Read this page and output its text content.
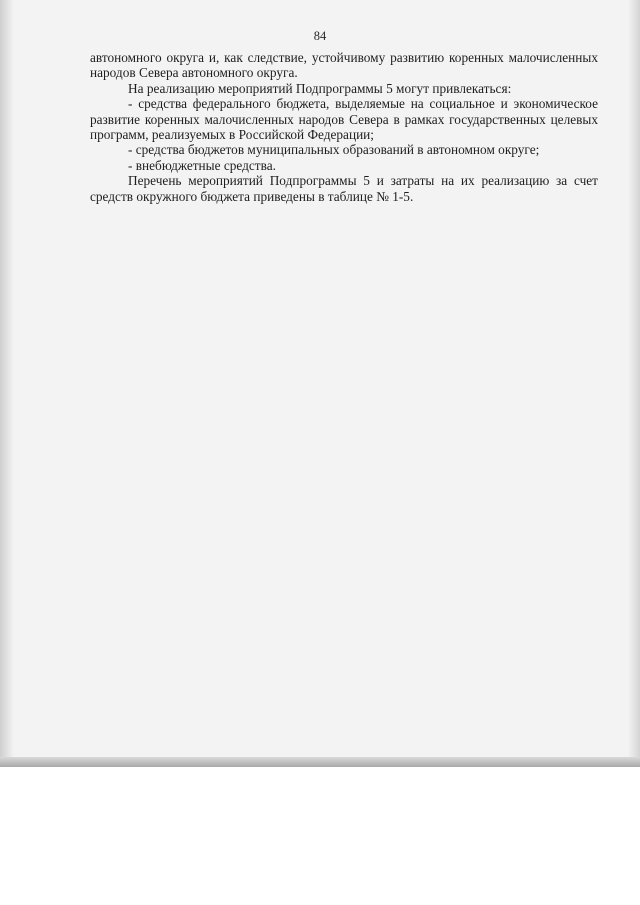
84

автономного округа и, как следствие, устойчивому развитию коренных малочисленных народов Севера автономного округа.

На реализацию мероприятий Подпрограммы 5 могут привлекаться:

- средства федерального бюджета, выделяемые на социальное и экономическое развитие коренных малочисленных народов Севера в рамках государственных целевых программ, реализуемых в Российской Федерации;

- средства бюджетов муниципальных образований в автономном округе;

- внебюджетные средства.

Перечень мероприятий Подпрограммы 5 и затраты на их реализацию за счет средств окружного бюджета приведены в таблице № 1-5.
